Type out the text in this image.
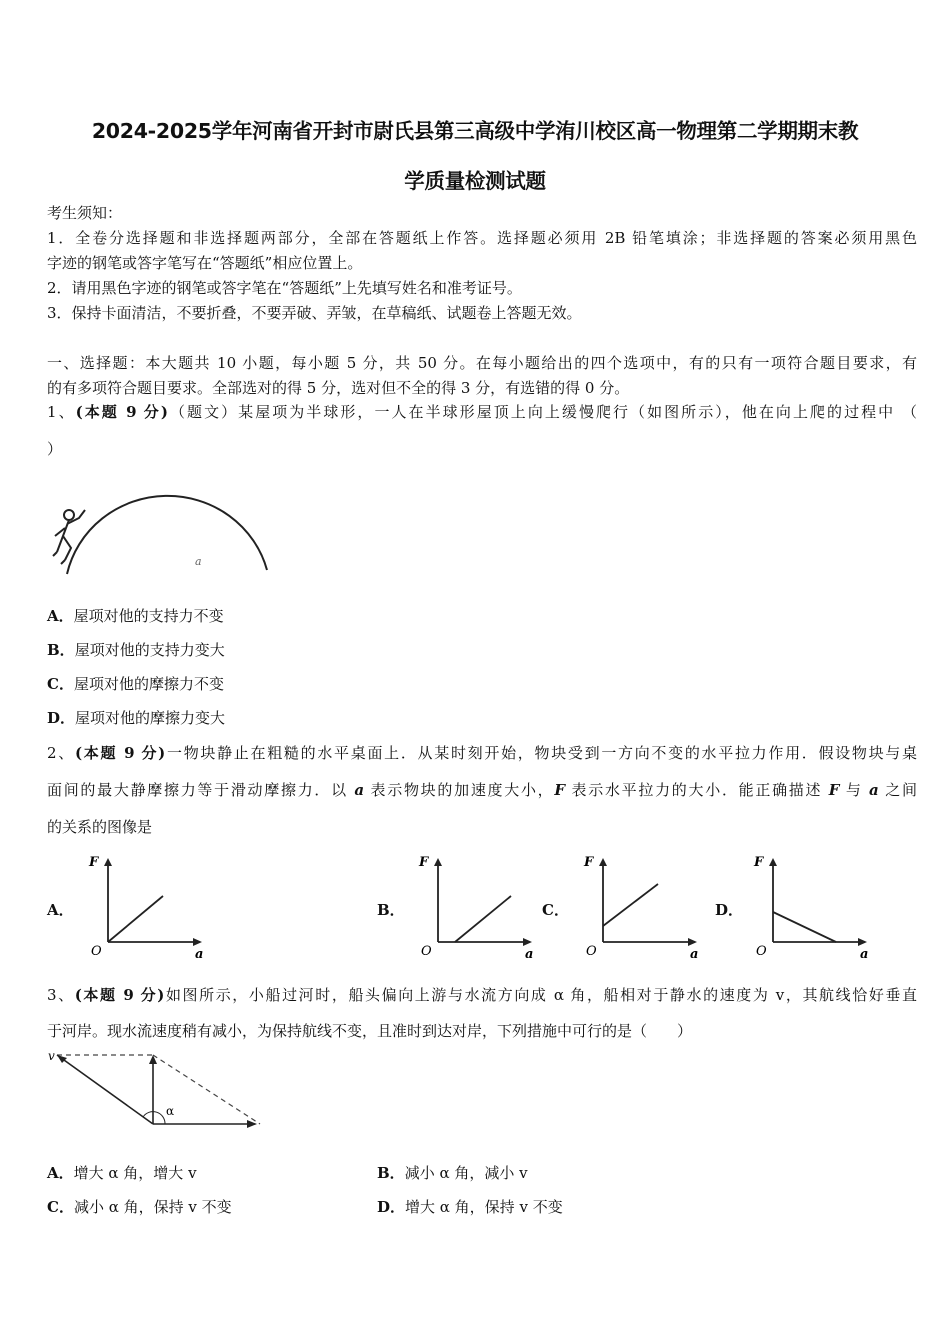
2024-2025学年河南省开封市尉氏县第三高级中学洧川校区高一物理第二学期期末教
学质量检测试题
考生须知：
1．全卷分选择题和非选择题两部分，全部在答题纸上作答。选择题必须用 2B 铅笔填涂；非选择题的答案必须用黑色
字迹的钢笔或答字笔写在“答题纸”相应位置上。
2．请用黑色字迹的钢笔或答字笔在“答题纸”上先填写姓名和准考证号。
3．保持卡面清洁，不要折叠，不要弄破、弄皱，在草稿纸、试题卷上答题无效。
一、选择题：本大题共 10 小题，每小题 5 分，共 50 分。在每小题给出的四个选项中，有的只有一项符合题目要求，有
的有多项符合题目要求。全部选对的得 5 分，选对但不全的得 3 分，有选错的得 0 分。
1、(本题 9 分)（题文）某屋项为半球形，一人在半球形屋顶上向上缓慢爬行（如图所示），他在向上爬的过程中 （
）
a
A．屋项对他的支持力不变
B．屋项对他的支持力变大
C．屋项对他的摩擦力不变
D．屋项对他的摩擦力变大
2、(本题 9 分)一物块静止在粗糙的水平桌面上．从某时刻开始，物块受到一方向不变的水平拉力作用．假设物块与桌
面间的最大静摩擦力等于滑动摩擦力．以 a 表示物块的加速度大小，F 表示水平拉力的大小．能正确描述 F 与 a 之间
的关系的图像是
A．
F
O	a
B．
F
O	a
C．
F
O	a
D．
F
O	a
3、(本题 9 分)如图所示，小船过河时，船头偏向上游与水流方向成 α 角，船相对于静水的速度为 v，其航线恰好垂直
于河岸。现水流速度稍有减小，为保持航线不变，且准时到达对岸，下列措施中可行的是（　　）
v
α
A．增大 α 角，增大 v	B．减小 α 角，减小 v
C．减小 α 角，保持 v 不变	D．增大 α 角，保持 v 不变
